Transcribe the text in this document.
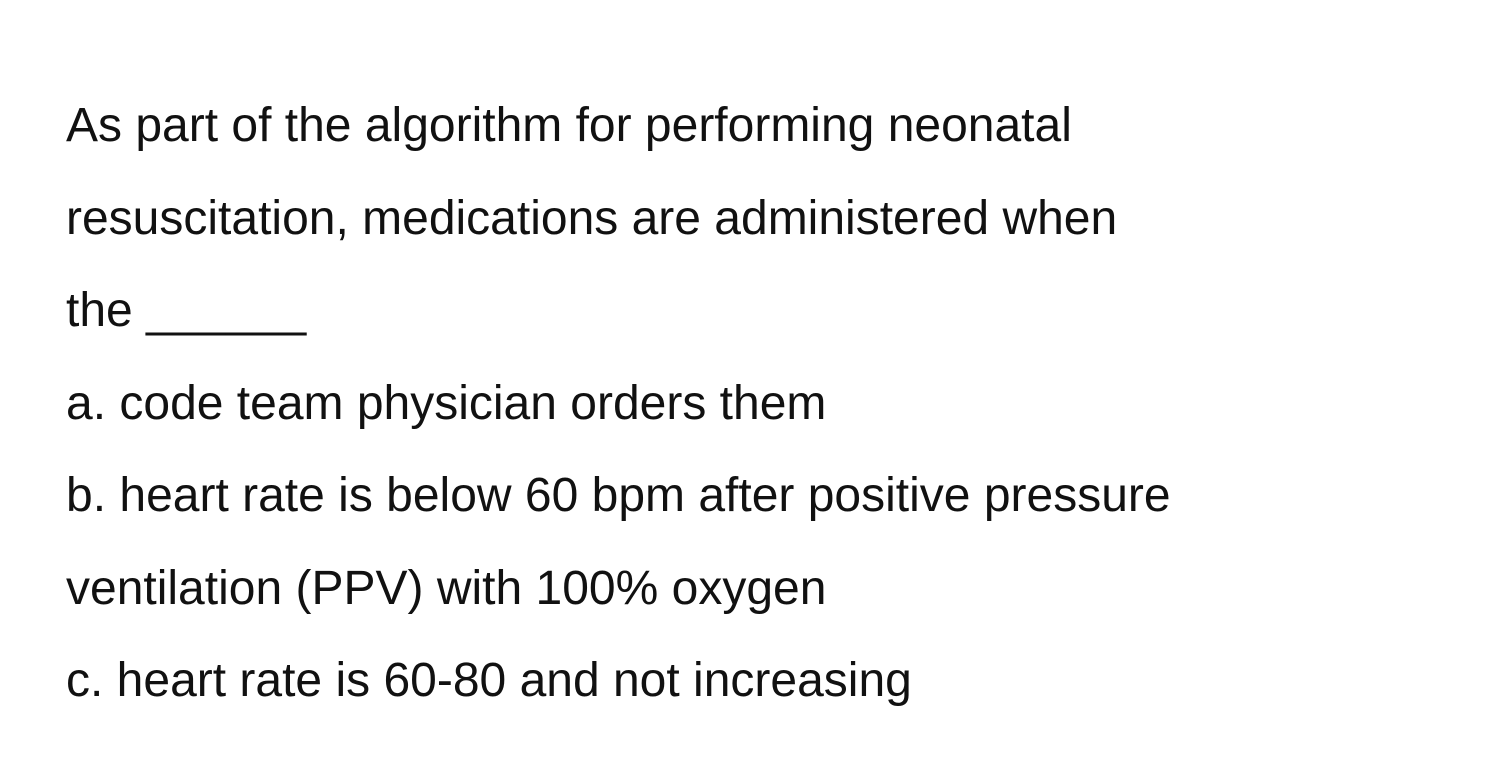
As part of the algorithm for performing neonatal
resuscitation, medications are administered when
the ______
a. code team physician orders them
b. heart rate is below 60 bpm after positive pressure
ventilation (PPV) with 100% oxygen
c. heart rate is 60-80 and not increasing
